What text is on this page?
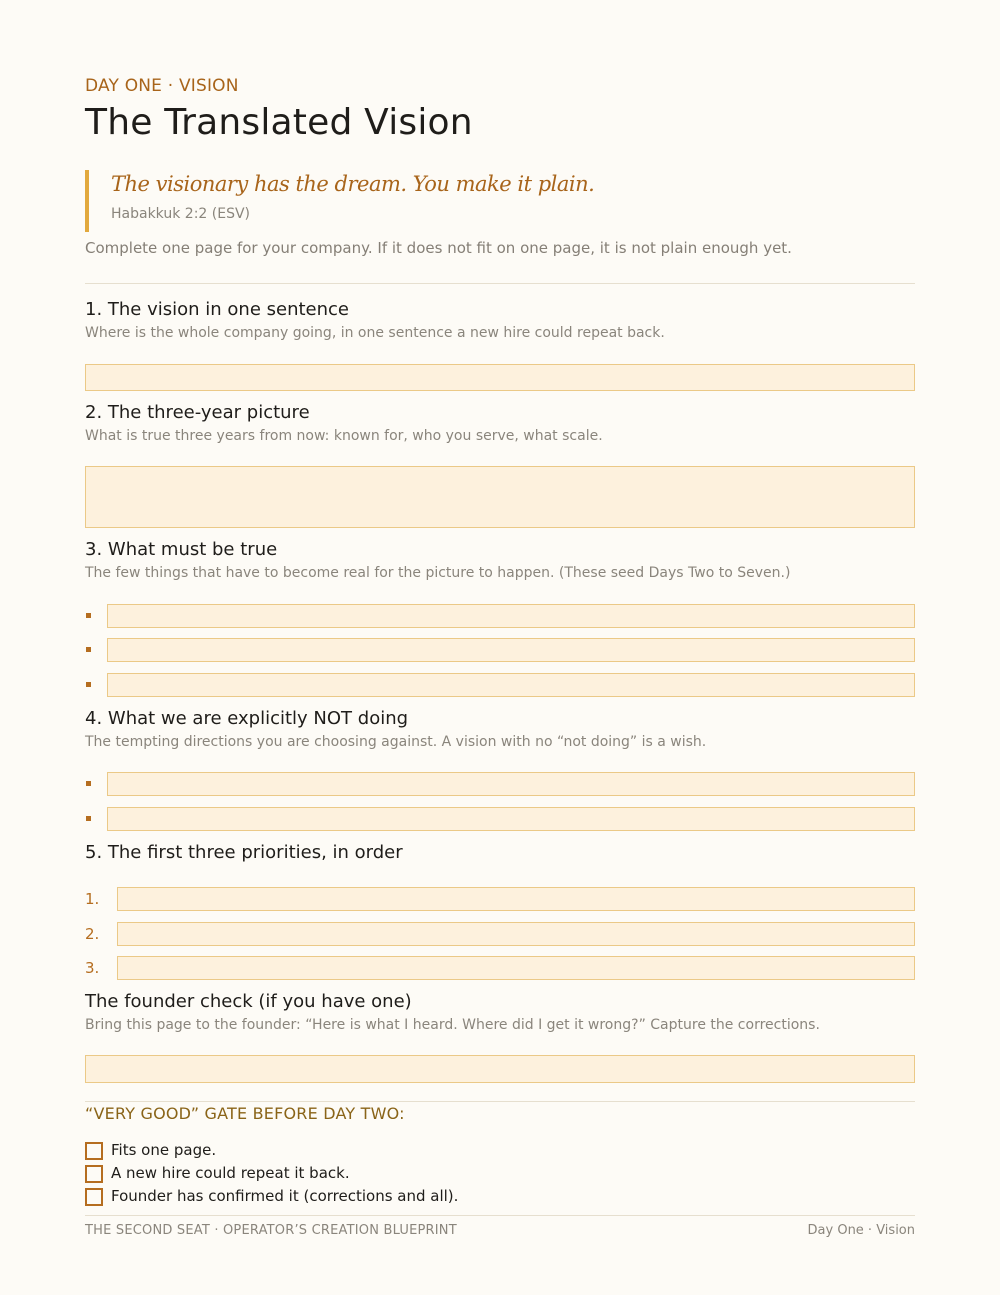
DAY ONE · VISION
The Translated Vision
The visionary has the dream. You make it plain.
Habakkuk 2:2 (ESV)
Complete one page for your company. If it does not fit on one page, it is not plain enough yet.
1. The vision in one sentence
Where is the whole company going, in one sentence a new hire could repeat back.
2. The three-year picture
What is true three years from now: known for, who you serve, what scale.
3. What must be true
The few things that have to become real for the picture to happen. (These seed Days Two to Seven.)
4. What we are explicitly NOT doing
The tempting directions you are choosing against. A vision with no “not doing” is a wish.
5. The first three priorities, in order
1.
2.
3.
The founder check (if you have one)
Bring this page to the founder: “Here is what I heard. Where did I get it wrong?” Capture the corrections.
“VERY GOOD” GATE BEFORE DAY TWO:
Fits one page.
A new hire could repeat it back.
Founder has confirmed it (corrections and all).
THE SECOND SEAT · OPERATOR’S CREATION BLUEPRINT	Day One · Vision
